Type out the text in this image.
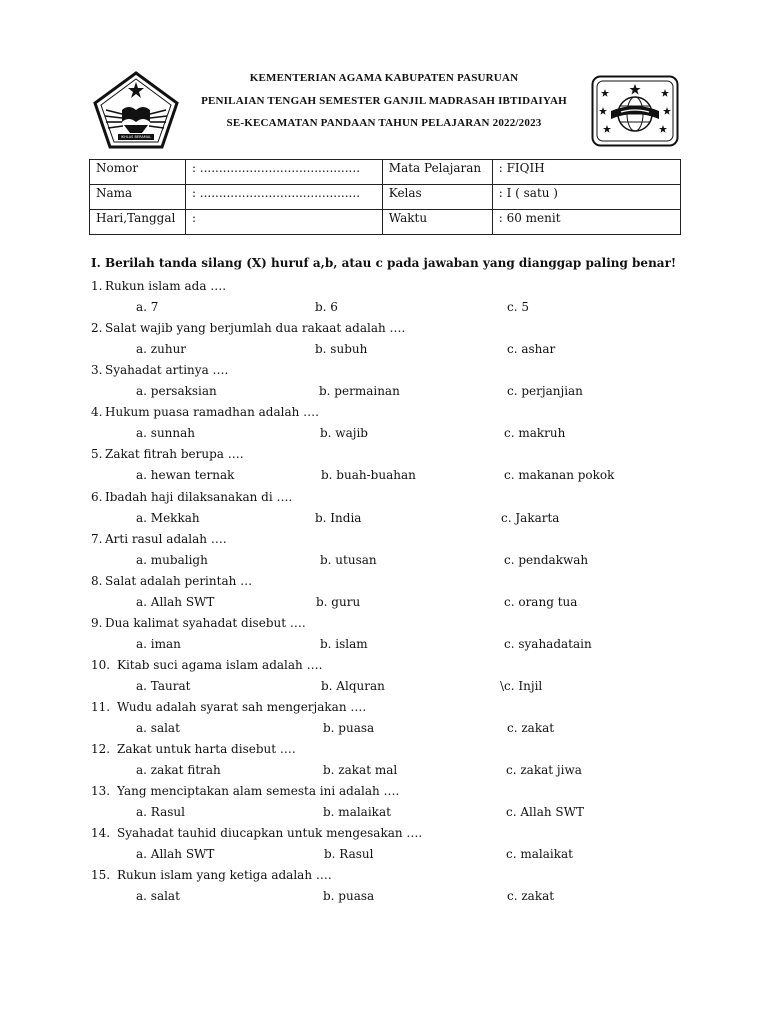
IKHLAS BERAMAL
KEMENTERIAN AGAMA KABUPATEN PASURUAN
PENILAIAN TENGAH SEMESTER GANJIL MADRASAH IBTIDAIYAH
SE-KECAMATAN PANDAAN TAHUN PELAJARAN 2022/2023
Nomor	: ..........................................	Mata Pelajaran	: FIQIH
Nama	: ..........................................	Kelas	: I ( satu )
Hari,Tanggal	:	Waktu	: 60 menit
I. Berilah tanda silang (X) huruf a,b, atau c pada jawaban yang dianggap paling benar!
1. Rukun islam ada ….
a. 7	b. 6	c. 5
2. Salat wajib yang berjumlah dua rakaat adalah ….
a. zuhur	b. subuh	c. ashar
3. Syahadat artinya ….
a. persaksian	b. permainan	c. perjanjian
4. Hukum puasa ramadhan adalah ….
a. sunnah	b. wajib	c. makruh
5. Zakat fitrah berupa ….
a. hewan ternak	b. buah-buahan	c. makanan pokok
6. Ibadah haji dilaksanakan di ….
a. Mekkah	b. India	c. Jakarta
7. Arti rasul adalah ….
a. mubaligh	b. utusan	c. pendakwah
8. Salat adalah perintah …
a. Allah SWT	b. guru	c. orang tua
9. Dua kalimat syahadat disebut ….
a. iman	b. islam	c. syahadatain
10. Kitab suci agama islam adalah ….
a. Taurat	b. Alquran	\c. Injil
11. Wudu adalah syarat sah mengerjakan ….
a. salat	b. puasa	c. zakat
12. Zakat untuk harta disebut ….
a. zakat fitrah	b. zakat mal	c. zakat jiwa
13. Yang menciptakan alam semesta ini adalah ….
a. Rasul	b. malaikat	c. Allah SWT
14. Syahadat tauhid diucapkan untuk mengesakan ….
a. Allah SWT	b. Rasul	c. malaikat
15. Rukun islam yang ketiga adalah ….
a. salat	b. puasa	c. zakat
